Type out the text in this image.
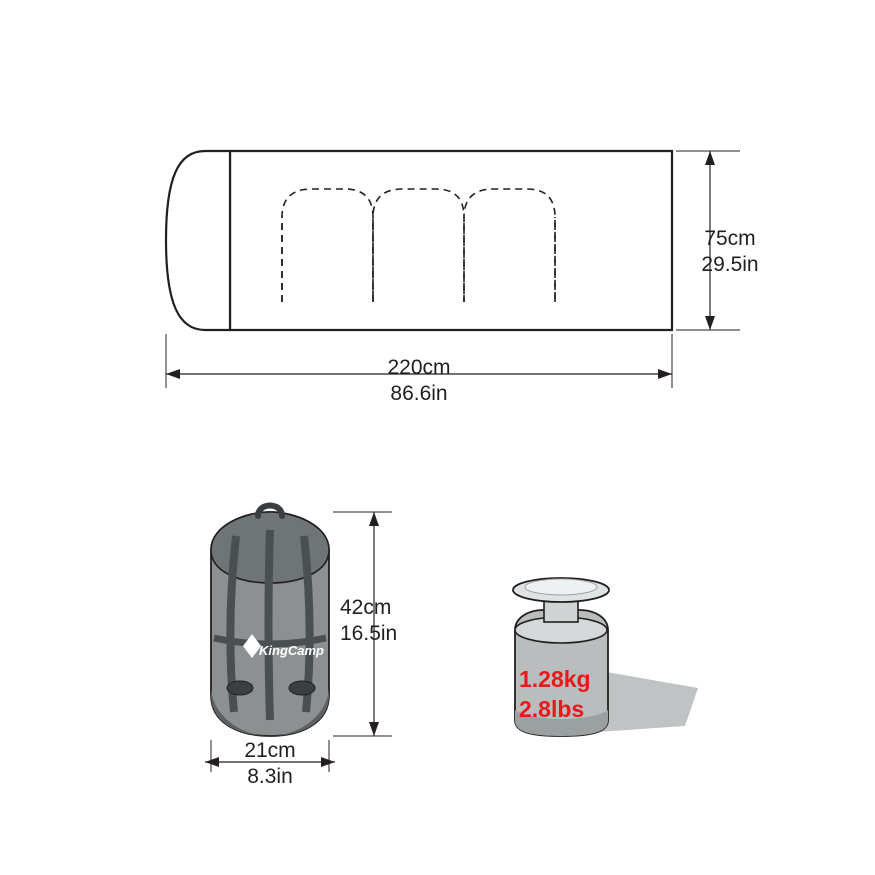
75cm
29.5in
220cm
86.6in
KingCamp
42cm
16.5in
21cm
8.3in
1.28kg
2.8lbs
